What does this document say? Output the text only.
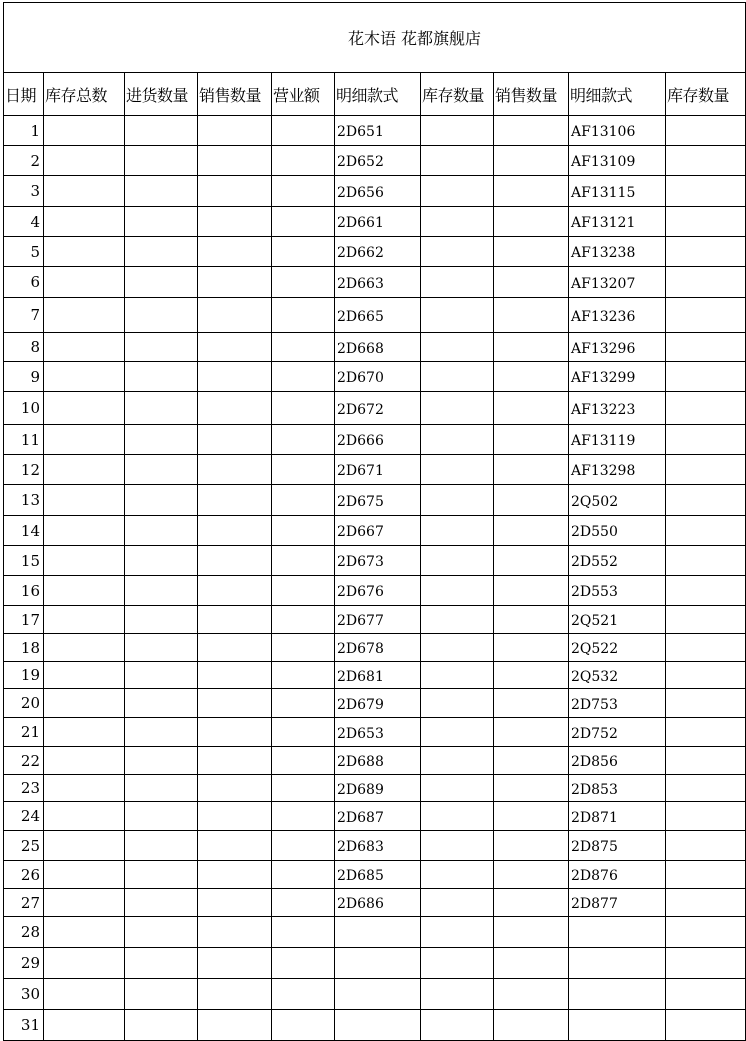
花木语 花都旗舰店									
日期	库存总数	进货数量	销售数量	营业额	明细款式	库存数量	销售数量	明细款式	库存数量
1					2D651			AF13106	
2					2D652			AF13109	
3					2D656			AF13115	
4					2D661			AF13121	
5					2D662			AF13238	
6					2D663			AF13207	
7					2D665			AF13236	
8					2D668			AF13296	
9					2D670			AF13299	
10					2D672			AF13223	
11					2D666			AF13119	
12					2D671			AF13298	
13					2D675			2Q502	
14					2D667			2D550	
15					2D673			2D552	
16					2D676			2D553	
17					2D677			2Q521	
18					2D678			2Q522	
19					2D681			2Q532	
20					2D679			2D753	
21					2D653			2D752	
22					2D688			2D856	
23					2D689			2D853	
24					2D687			2D871	
25					2D683			2D875	
26					2D685			2D876	
27					2D686			2D877	
28									
29									
30									
31									
